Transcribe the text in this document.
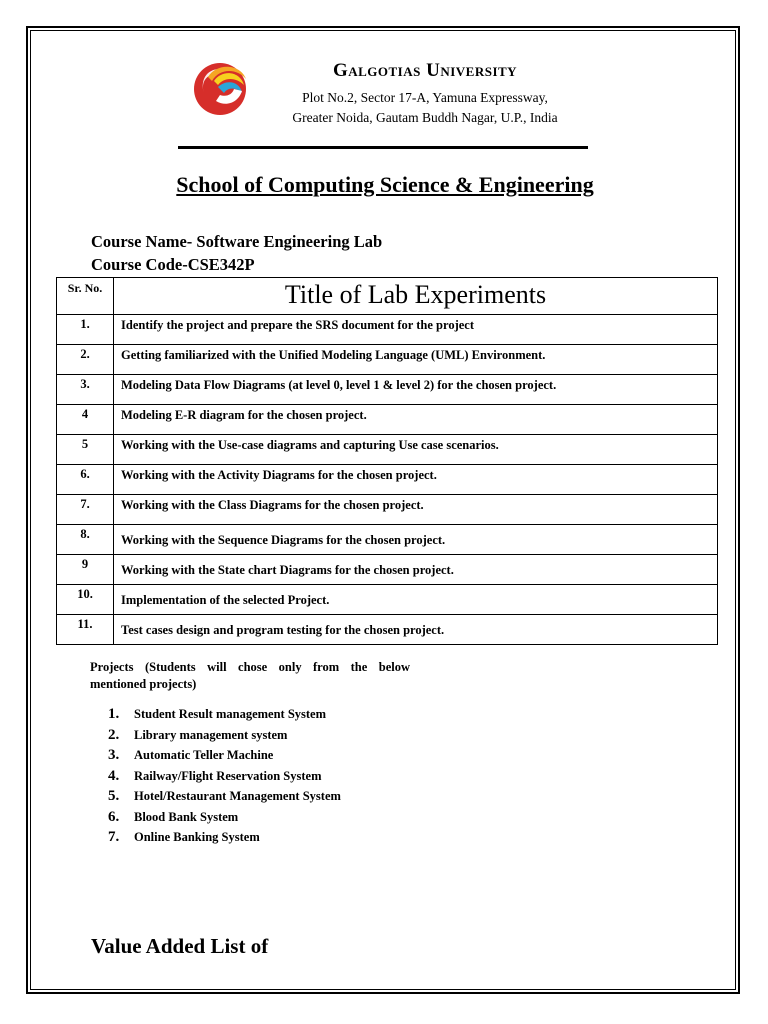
Galgotias University
Plot No.2, Sector 17-A, Yamuna Expressway,
Greater Noida, Gautam Buddh Nagar, U.P., India
School of Computing Science & Engineering
Course Name- Software Engineering Lab
Course Code-CSE342P
Sr. No.	Title of Lab Experiments
1.	Identify the project and prepare the SRS document for the project
2.	Getting familiarized with the Unified Modeling Language (UML) Environment.
3.	Modeling Data Flow Diagrams (at level 0, level 1 & level 2) for the chosen project.
4	Modeling E-R diagram for the chosen project.
5	Working with the Use-case diagrams and capturing Use case scenarios.
6.	Working with the Activity Diagrams for the chosen project.
7.	Working with the Class Diagrams for the chosen project.
8.	Working with the Sequence Diagrams for the chosen project.
9	Working with the State chart Diagrams for the chosen project.
10.	Implementation of the selected Project.
11.	Test cases design and program testing for the chosen project.
Projects (Students will chose only from the below mentioned projects)
1. Student Result management System
2. Library management system
3. Automatic Teller Machine
4. Railway/Flight Reservation System
5. Hotel/Restaurant Management System
6. Blood Bank System
7. Online Banking System
Value Added List of
